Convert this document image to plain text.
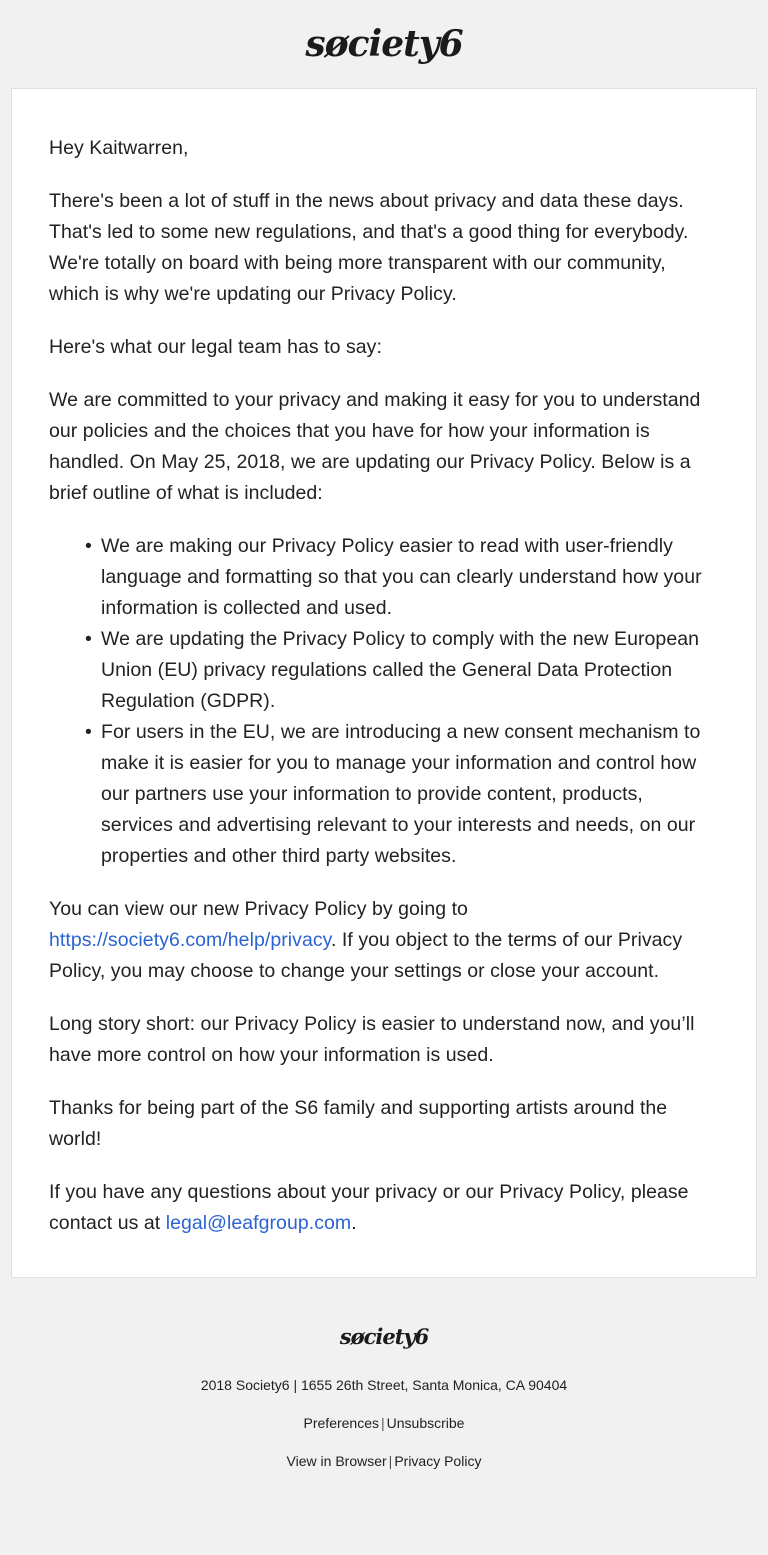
søciety6

Hey Kaitwarren,

There's been a lot of stuff in the news about privacy and data these days. That's led to some new regulations, and that's a good thing for everybody. We're totally on board with being more transparent with our community, which is why we're updating our Privacy Policy.

Here's what our legal team has to say:

We are committed to your privacy and making it easy for you to understand our policies and the choices that you have for how your information is handled. On May 25, 2018, we are updating our Privacy Policy. Below is a brief outline of what is included:

• We are making our Privacy Policy easier to read with user-friendly language and formatting so that you can clearly understand how your information is collected and used.
• We are updating the Privacy Policy to comply with the new European Union (EU) privacy regulations called the General Data Protection Regulation (GDPR).
• For users in the EU, we are introducing a new consent mechanism to make it is easier for you to manage your information and control how our partners use your information to provide content, products, services and advertising relevant to your interests and needs, on our properties and other third party websites.

You can view our new Privacy Policy by going to https://society6.com/help/privacy. If you object to the terms of our Privacy Policy, you may choose to change your settings or close your account.

Long story short: our Privacy Policy is easier to understand now, and you’ll have more control on how your information is used.

Thanks for being part of the S6 family and supporting artists around the world!

If you have any questions about your privacy or our Privacy Policy, please contact us at legal@leafgroup.com.

søciety6
2018 Society6 | 1655 26th Street, Santa Monica, CA 90404
Preferences | Unsubscribe
View in Browser | Privacy Policy
